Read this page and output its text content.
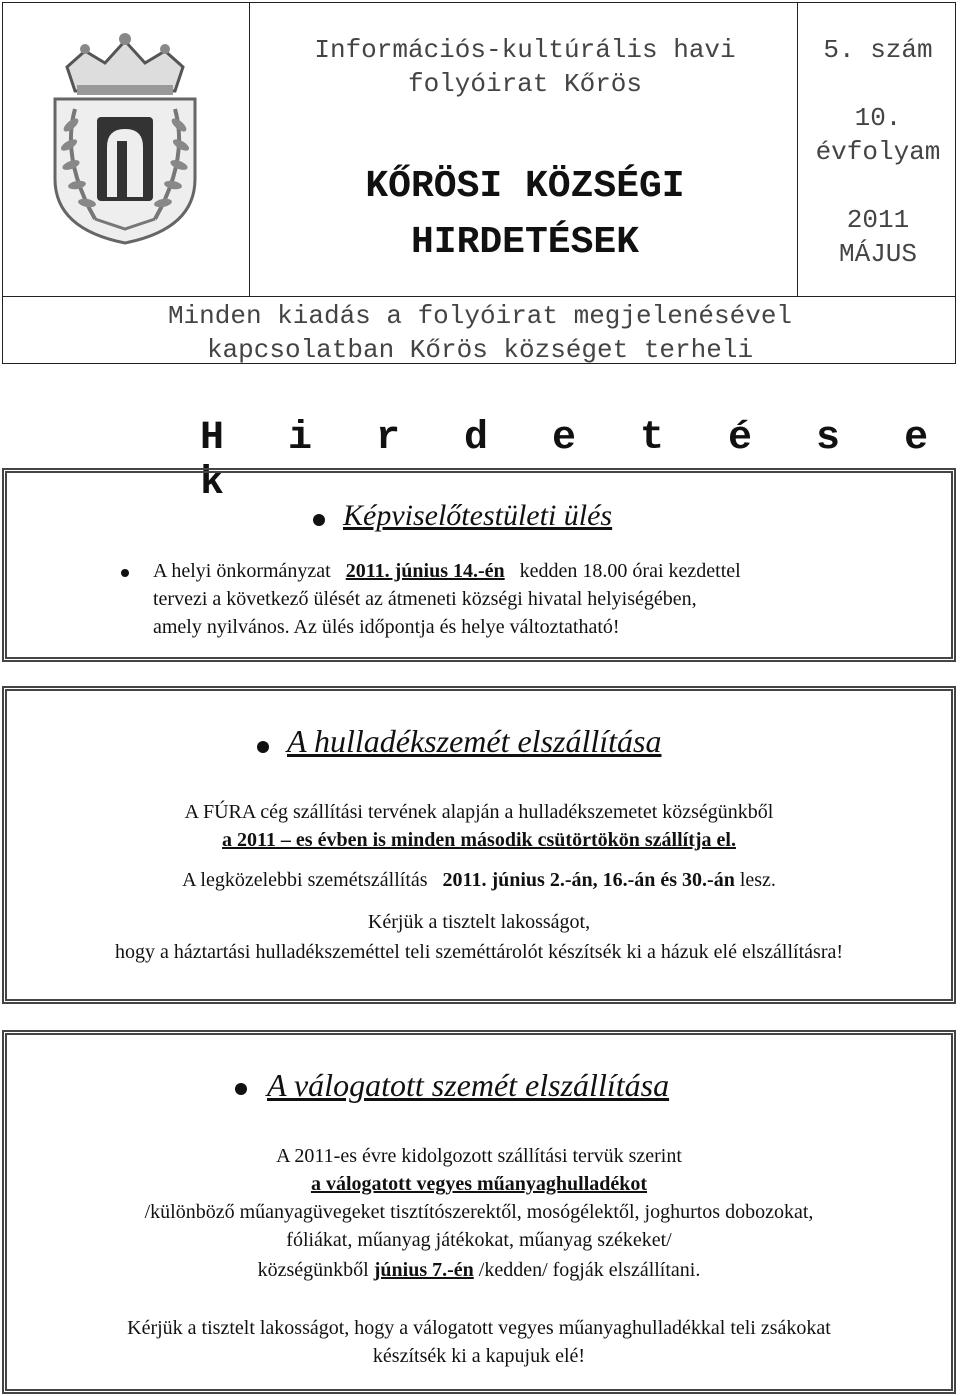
Információs-kultúrális havi
folyóirat Kőrös
KŐRÖSI KÖZSÉGI
HIRDETÉSEK
5. szám
10.
évfolyam
2011
MÁJUS
Minden kiadás a folyóirat megjelenésével
kapcsolatban Kőrös községet terheli
H i r d e t é s e k
Képviselőtestületi ülés
A helyi önkormányzat 2011. június 14.-én kedden 18.00 órai kezdettel
tervezi a következő ülését az átmeneti községi hivatal helyiségében,
amely nyilvános. Az ülés időpontja és helye változtatható!
A hulladékszemét elszállítása
A FÚRA cég szállítási tervének alapján a hulladékszemetet községünkből
a 2011 – es évben is minden második csütörtökön szállítja el.
A legközelebbi szemétszállítás 2011. június 2.-án, 16.-án és 30.-án lesz.
Kérjük a tisztelt lakosságot,
hogy a háztartási hulladékszeméttel teli szeméttárolót készítsék ki a házuk elé elszállításra!
A válogatott szemét elszállítása
A 2011-es évre kidolgozott szállítási tervük szerint
a válogatott vegyes műanyaghulladékot
/különböző műanyagüvegeket tisztítószerektől, mosógélektől, joghurtos dobozokat,
fóliákat, műanyag játékokat, műanyag székeket/
községünkből június 7.-én /kedden/ fogják elszállítani.
Kérjük a tisztelt lakosságot, hogy a válogatott vegyes műanyaghulladékkal teli zsákokat
készítsék ki a kapujuk elé!
